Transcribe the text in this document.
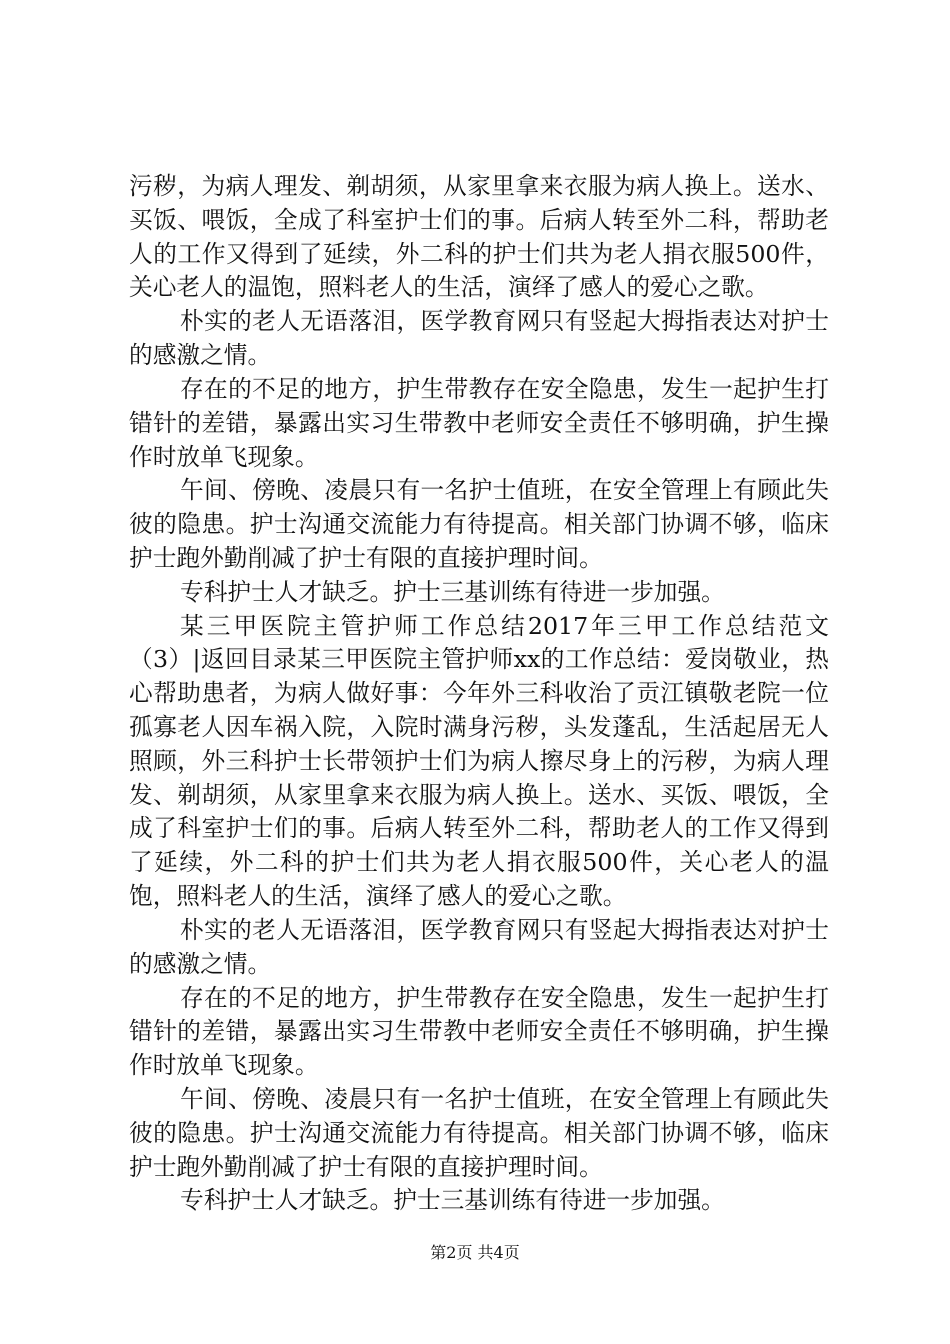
污秽，为病人理发、剃胡须，从家里拿来衣服为病人换上。送水、买饭、喂饭，全成了科室护士们的事。后病人转至外二科，帮助老人的工作又得到了延续，外二科的护士们共为老人捐衣服500件，关心老人的温饱，照料老人的生活，演绎了感人的爱心之歌。

朴实的老人无语落泪，医学教育网只有竖起大拇指表达对护士的感激之情。

存在的不足的地方，护生带教存在安全隐患，发生一起护生打错针的差错，暴露出实习生带教中老师安全责任不够明确，护生操作时放单飞现象。

午间、傍晚、凌晨只有一名护士值班，在安全管理上有顾此失彼的隐患。护士沟通交流能力有待提高。相关部门协调不够，临床护士跑外勤削减了护士有限的直接护理时间。

专科护士人才缺乏。护士三基训练有待进一步加强。

某三甲医院主管护师工作总结2017年三甲工作总结范文（3）|返回目录某三甲医院主管护师xx的工作总结：爱岗敬业，热心帮助患者，为病人做好事：今年外三科收治了贡江镇敬老院一位孤寡老人因车祸入院，入院时满身污秽，头发蓬乱，生活起居无人照顾，外三科护士长带领护士们为病人擦尽身上的污秽，为病人理发、剃胡须，从家里拿来衣服为病人换上。送水、买饭、喂饭，全成了科室护士们的事。后病人转至外二科，帮助老人的工作又得到了延续，外二科的护士们共为老人捐衣服500件，关心老人的温饱，照料老人的生活，演绎了感人的爱心之歌。

朴实的老人无语落泪，医学教育网只有竖起大拇指表达对护士的感激之情。

存在的不足的地方，护生带教存在安全隐患，发生一起护生打错针的差错，暴露出实习生带教中老师安全责任不够明确，护生操作时放单飞现象。

午间、傍晚、凌晨只有一名护士值班，在安全管理上有顾此失彼的隐患。护士沟通交流能力有待提高。相关部门协调不够，临床护士跑外勤削减了护士有限的直接护理时间。

专科护士人才缺乏。护士三基训练有待进一步加强。

第2页 共4页
